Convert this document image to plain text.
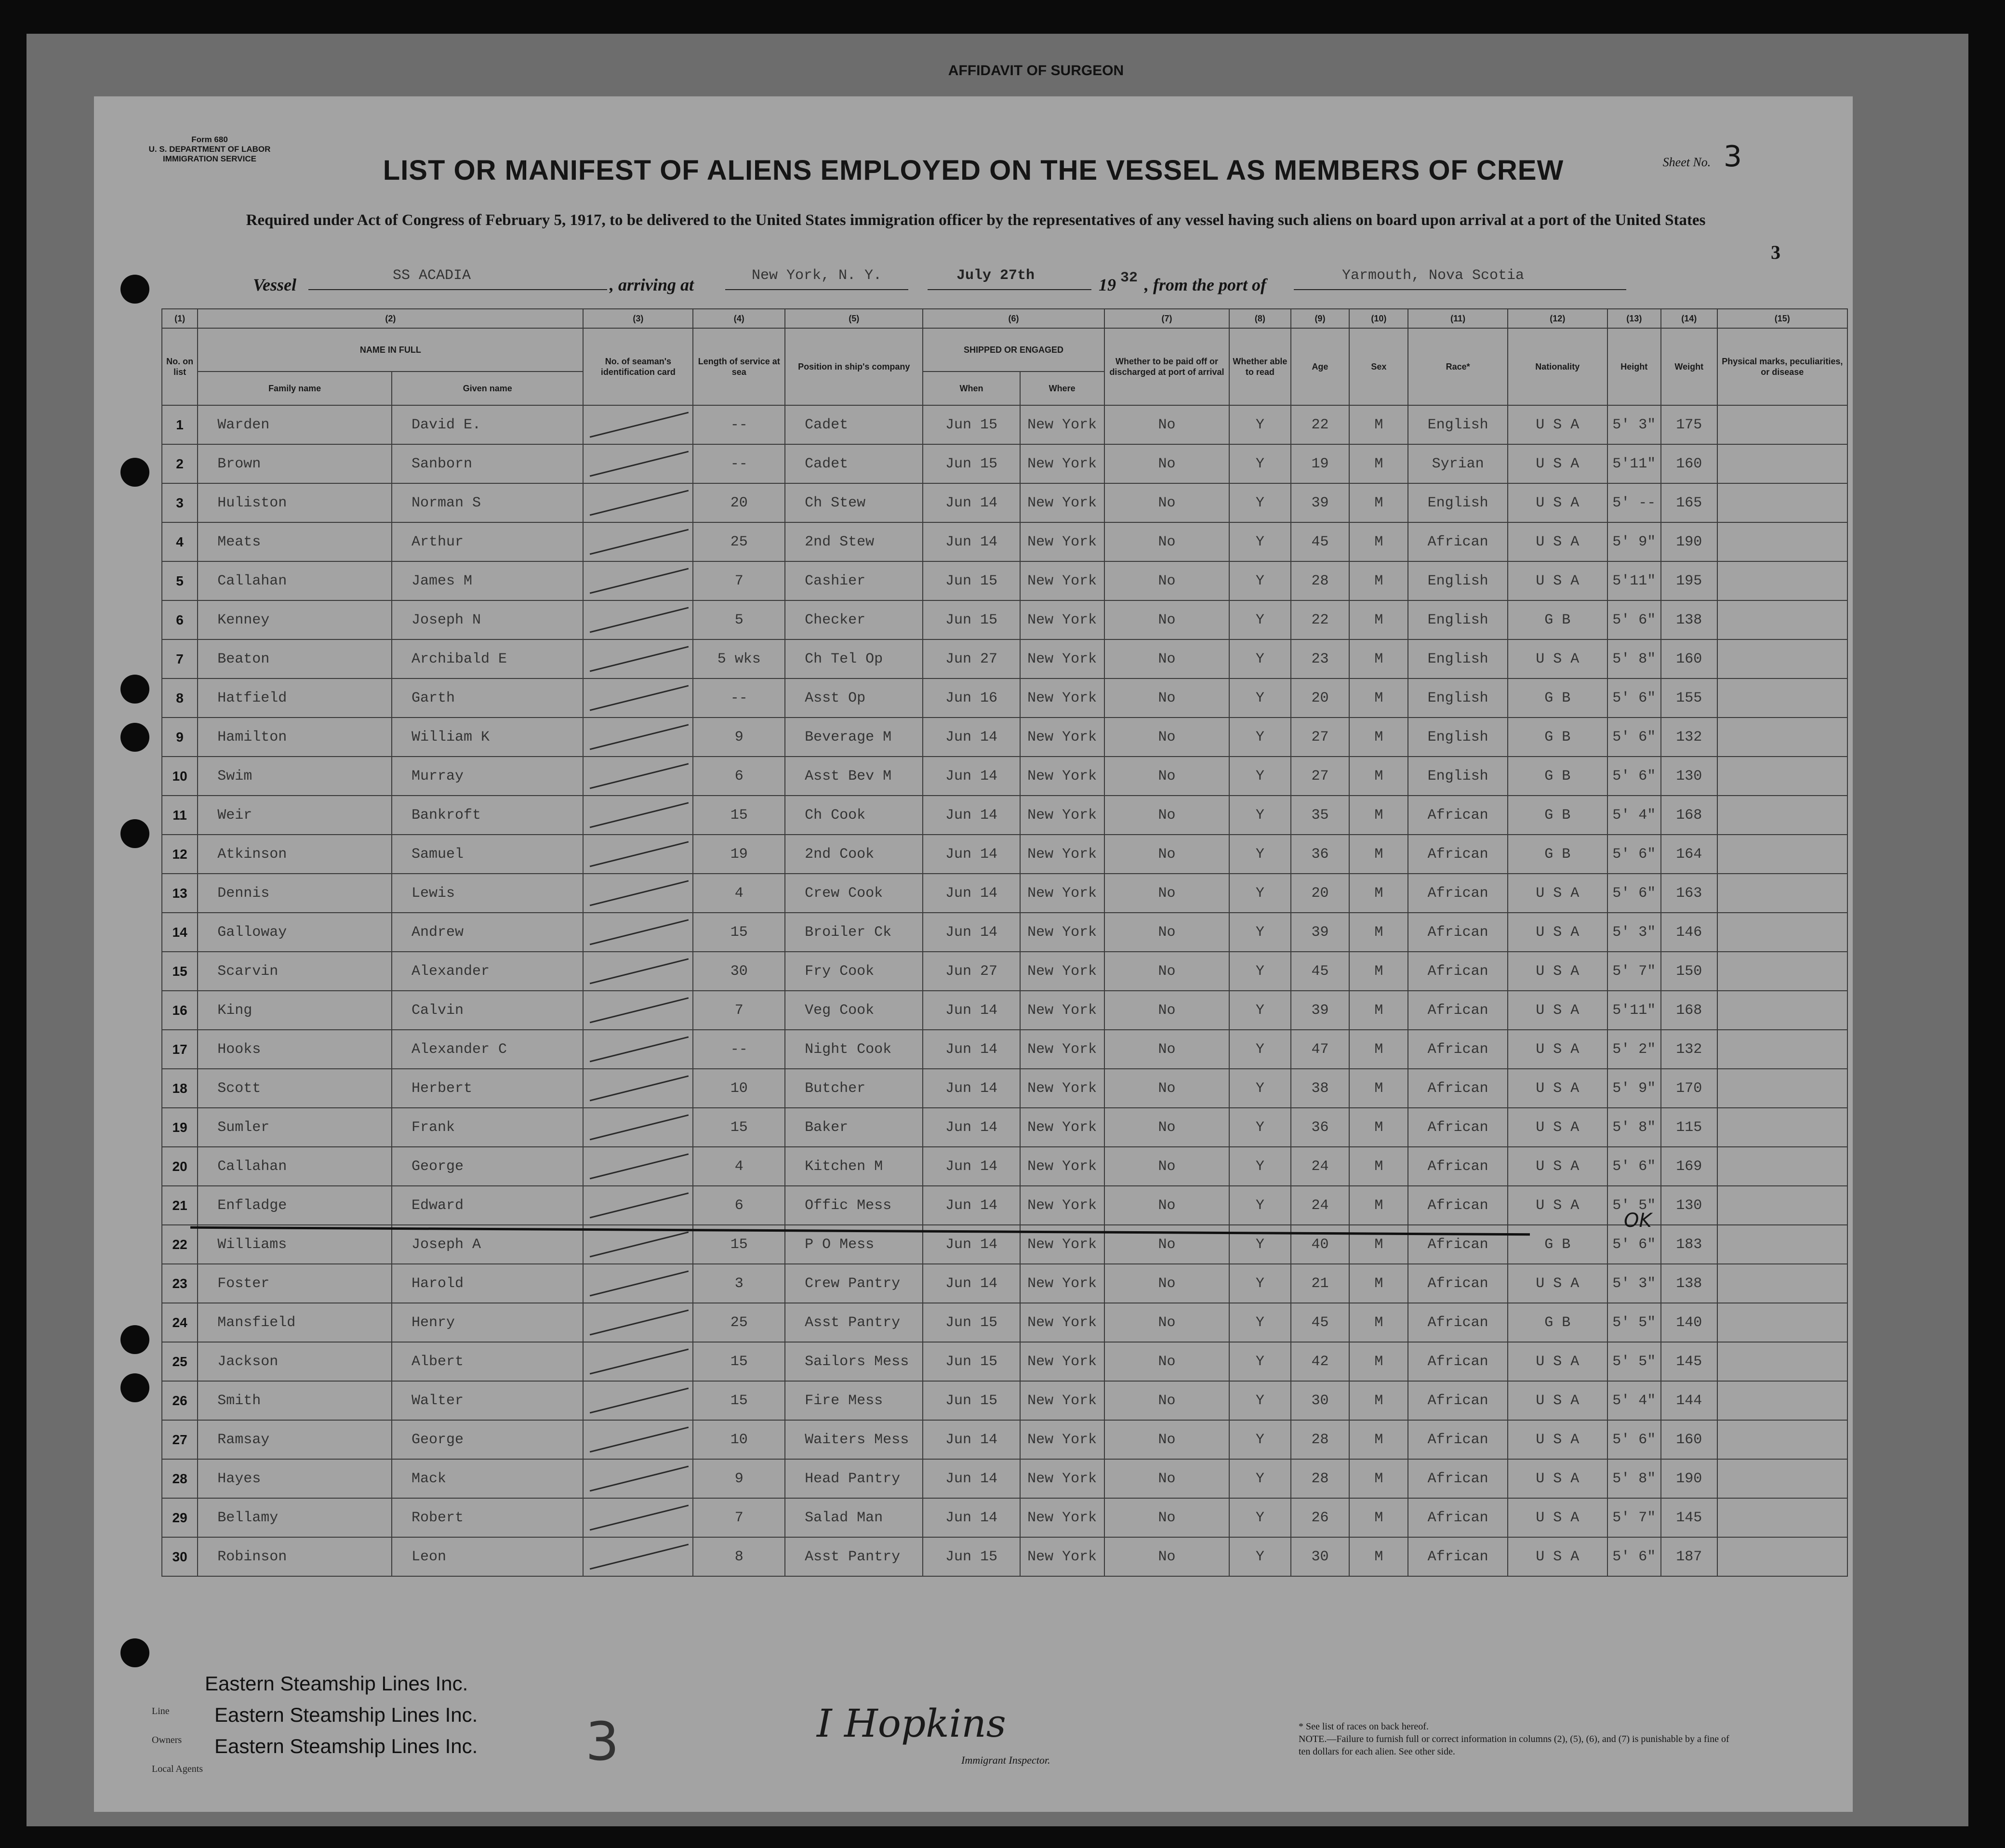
AFFIDAVIT OF SURGEON
Form 680
U. S. DEPARTMENT OF LABOR
IMMIGRATION SERVICE	Sheet No. 3
LIST OR MANIFEST OF ALIENS EMPLOYED ON THE VESSEL AS MEMBERS OF CREW
Required under Act of Congress of February 5, 1917, to be delivered to the United States immigration officer by the representatives of any vessel having such aliens on board upon arrival at a port of the United States
3
Vessel	SS ACADIA	, arriving at	New York, N. Y.	July 27th	19 32 , from the port of	Yarmouth, Nova Scotia
(1)	(2)		(3)	(4)	(5)	(6)		(7)	(8)	(9)	(10)	(11)	(12)	(13)	(14)	(15)
No. on list	NAME IN FULL		No. of seaman's identification card	Length of service at sea	Position in ship's company	SHIPPED OR ENGAGED		Whether to be paid off or discharged at port of arrival	Whether able to read	Age	Sex	Race*	Nationality	Height	Weight	Physical marks, peculiarities, or disease
	Family name	Given name				When	Where									
1	Warden	David E.		--	Cadet	Jun 15	New York	No	Y	22	M	English	U S A	5' 3"	175	
2	Brown	Sanborn		--	Cadet	Jun 15	New York	No	Y	19	M	Syrian	U S A	5'11"	160	
3	Huliston	Norman S		20	Ch Stew	Jun 14	New York	No	Y	39	M	English	U S A	5' --	165	
4	Meats	Arthur		25	2nd Stew	Jun 14	New York	No	Y	45	M	African	U S A	5' 9"	190	
5	Callahan	James M		7	Cashier	Jun 15	New York	No	Y	28	M	English	U S A	5'11"	195	
6	Kenney	Joseph N		5	Checker	Jun 15	New York	No	Y	22	M	English	G B	5' 6"	138	
7	Beaton	Archibald E		5 wks	Ch Tel Op	Jun 27	New York	No	Y	23	M	English	U S A	5' 8"	160	
8	Hatfield	Garth		--	Asst Op	Jun 16	New York	No	Y	20	M	English	G B	5' 6"	155	
9	Hamilton	William K		9	Beverage M	Jun 14	New York	No	Y	27	M	English	G B	5' 6"	132	
10	Swim	Murray		6	Asst Bev M	Jun 14	New York	No	Y	27	M	English	G B	5' 6"	130	
11	Weir	Bankroft		15	Ch Cook	Jun 14	New York	No	Y	35	M	African	G B	5' 4"	168	
12	Atkinson	Samuel		19	2nd Cook	Jun 14	New York	No	Y	36	M	African	G B	5' 6"	164	
13	Dennis	Lewis		4	Crew Cook	Jun 14	New York	No	Y	20	M	African	U S A	5' 6"	163	
14	Galloway	Andrew		15	Broiler Ck	Jun 14	New York	No	Y	39	M	African	U S A	5' 3"	146	
15	Scarvin	Alexander		30	Fry Cook	Jun 27	New York	No	Y	45	M	African	U S A	5' 7"	150	
16	King	Calvin		7	Veg Cook	Jun 14	New York	No	Y	39	M	African	U S A	5'11"	168	
17	Hooks	Alexander C		--	Night Cook	Jun 14	New York	No	Y	47	M	African	U S A	5' 2"	132	
18	Scott	Herbert		10	Butcher	Jun 14	New York	No	Y	38	M	African	U S A	5' 9"	170	
19	Sumler	Frank		15	Baker	Jun 14	New York	No	Y	36	M	African	U S A	5' 8"	115	
20	Callahan	George		4	Kitchen M	Jun 14	New York	No	Y	24	M	African	U S A	5' 6"	169	
21	Enfladge	Edward		6	Offic Mess	Jun 14	New York	No	Y	24	M	African	U S A	5' 5"	130	
22	Williams	Joseph A		15	P O Mess	Jun 14	New York	No	Y	40	M	African	G B	5' 6"	183	
23	Foster	Harold		3	Crew Pantry	Jun 14	New York	No	Y	21	M	African	U S A	5' 3"	138	
24	Mansfield	Henry		25	Asst Pantry	Jun 15	New York	No	Y	45	M	African	G B	5' 5"	140	
25	Jackson	Albert		15	Sailors Mess	Jun 15	New York	No	Y	42	M	African	U S A	5' 5"	145	
26	Smith	Walter		15	Fire Mess	Jun 15	New York	No	Y	30	M	African	U S A	5' 4"	144	
27	Ramsay	George		10	Waiters Mess	Jun 14	New York	No	Y	28	M	African	U S A	5' 6"	160	
28	Hayes	Mack		9	Head Pantry	Jun 14	New York	No	Y	28	M	African	U S A	5' 8"	190	
29	Bellamy	Robert		7	Salad Man	Jun 14	New York	No	Y	26	M	African	U S A	5' 7"	145	
30	Robinson	Leon		8	Asst Pantry	Jun 15	New York	No	Y	30	M	African	U S A	5' 6"	187	
OK
Line
Owners
Local Agents
Eastern Steamship Lines Inc.
Eastern Steamship Lines Inc.
Eastern Steamship Lines Inc. 3	I Hopkins
Immigrant Inspector.
* See list of races on back hereof.
NOTE.—Failure to furnish full or correct information in columns (2), (5), (6), and (7) is punishable by a fine of ten dollars for each alien. See other side.
